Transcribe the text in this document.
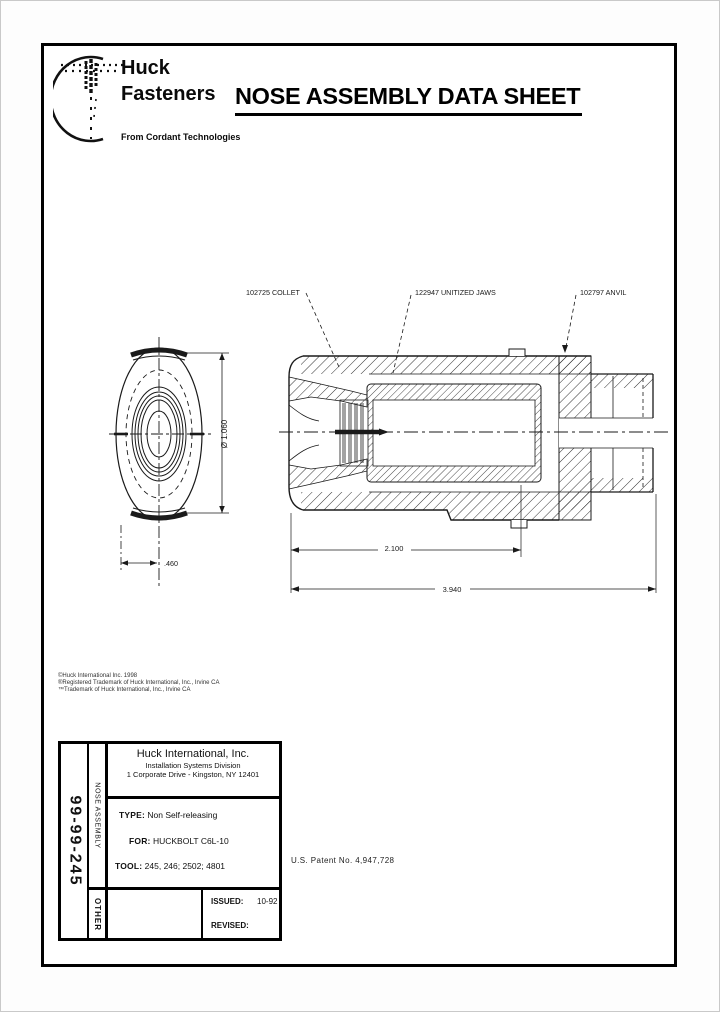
Huck
Fasteners
From Cordant Technologies
NOSE ASSEMBLY DATA SHEET
Ø 1.060
.460
102725 COLLET	122947 UNITIZED JAWS	102797 ANVIL
2.100
3.940
©Huck International Inc. 1998
®Registered Trademark of Huck International, Inc., Irvine CA
™Trademark of Huck International, Inc., Irvine CA
99-99-245 NOSE ASSEMBLY
OTHER
Huck International, Inc.
Installation Systems Division
1 Corporate Drive - Kingston, NY 12401
TYPE: Non Self-releasing
FOR: HUCKBOLT C6L-10
TOOL: 245, 246; 2502; 4801
ISSUED: 10-92
REVISED:
U.S. Patent No. 4,947,728
